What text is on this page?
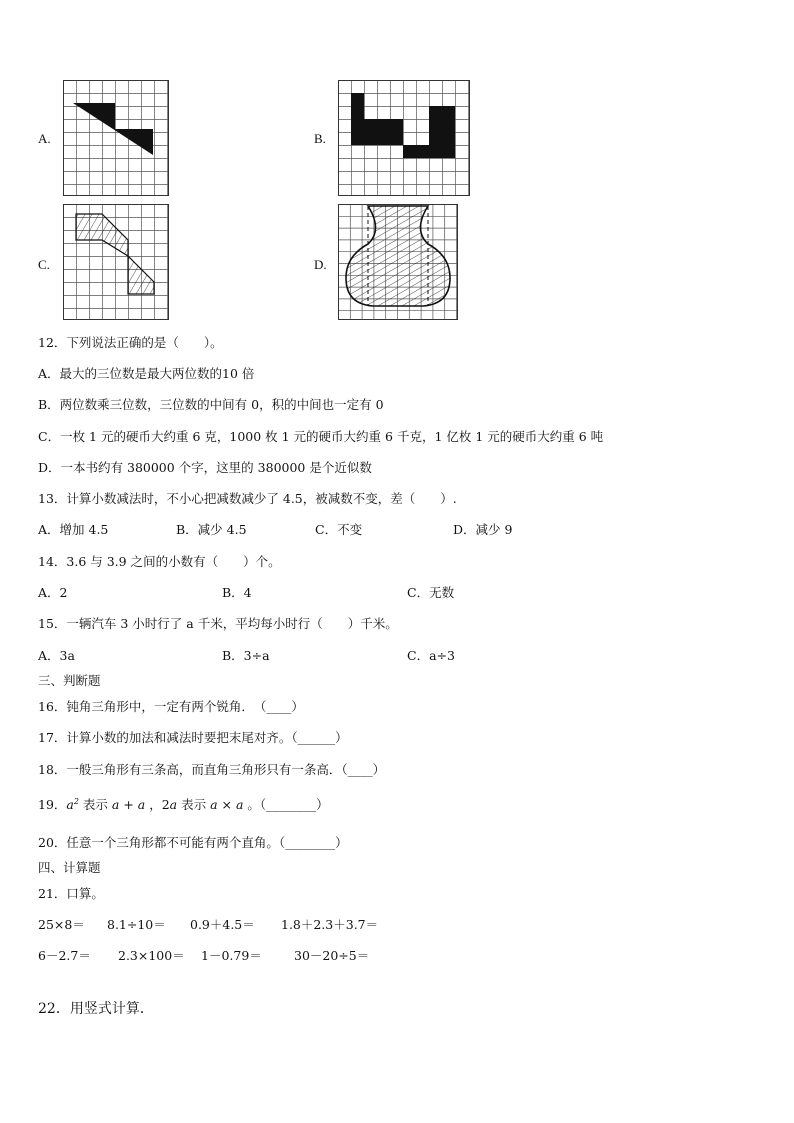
A.	B.
C.	D.
12．下列说法正确的是（　　）。
A．最大的三位数是最大两位数的10 倍
B．两位数乘三位数，三位数的中间有 0，积的中间也一定有 0
C．一枚 1 元的硬币大约重 6 克，1000 枚 1 元的硬币大约重 6 千克，1 亿枚 1 元的硬币大约重 6 吨
D．一本书约有 380000 个字，这里的 380000 是个近似数
13．计算小数减法时，不小心把减数减少了 4.5，被减数不变，差（　　）.
A．增加 4.5	B．减少 4.5	C．不变	D．减少 9
14．3.6 与 3.9 之间的小数有（　　）个。
A．2	B．4	C．无数
15．一辆汽车 3 小时行了 a 千米，平均每小时行（　　）千米。
A．3a	B．3÷a	C．a÷3
三、判断题
16．钝角三角形中，一定有两个锐角．　（____）
17．计算小数的加法和减法时要把末尾对齐。（______）
18．一般三角形有三条高，而直角三角形只有一条高．（____）
19．$a^2$ 表示 a + a ，2a 表示 a × a 。（________）
20．任意一个三角形都不可能有两个直角。（________）
四、计算题
21．口算。
25×8＝ 8.1÷10＝ 0.9＋4.5＝ 1.8＋2.3＋3.7＝
6－2.7＝ 2.3×100＝ 1－0.79＝	30－20÷5＝
22．用竖式计算．
